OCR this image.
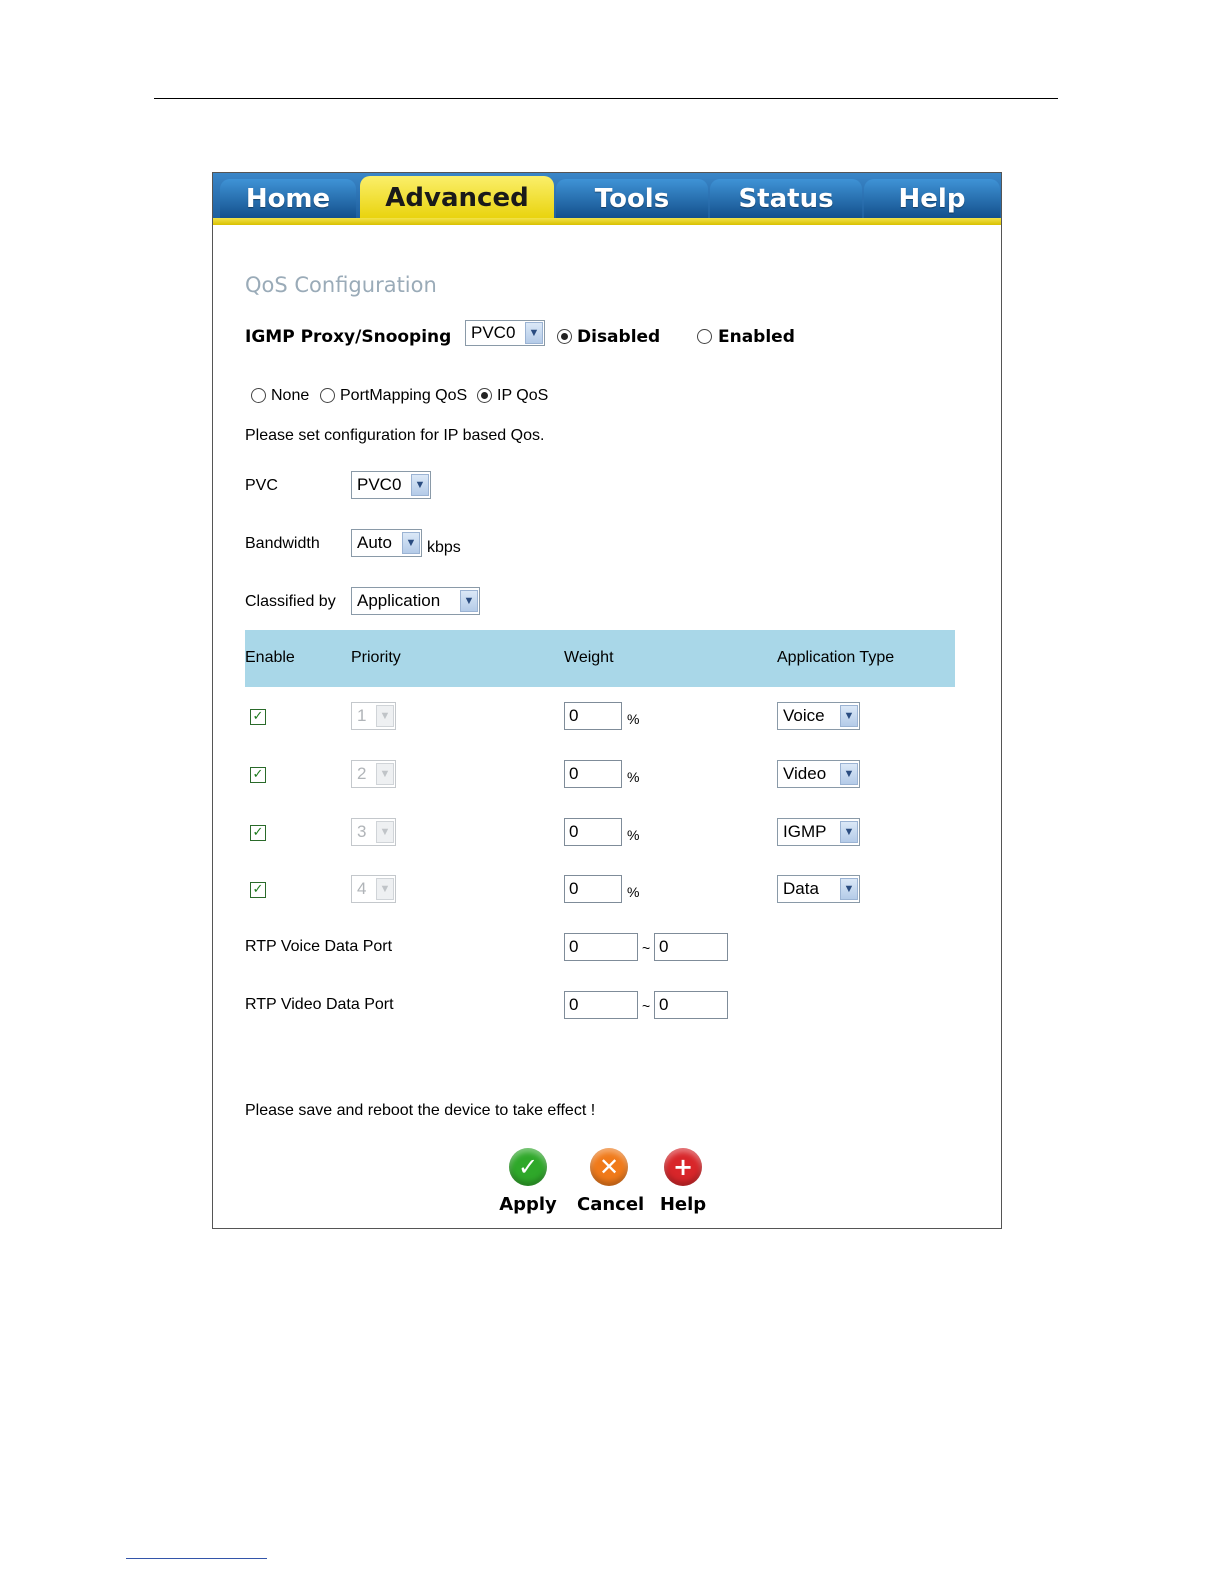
Home Advanced	Tools	Status Help
QoS Configuration
IGMP Proxy/Snooping PVC0	▼ Disabled	Enabled
None PortMapping QoS IP QoS
Please set configuration for IP based Qos.
PVC	PVC0	▼
Bandwidth Auto	▼ kbps
Classified by Application	▼
Enable	Priority	Weight	Application Type
✓	1	▼	0	%	Voice	▼
✓	2	▼	0	%	Video	▼
✓	3	▼	0	%	IGMP	▼
✓	4	▼	0	%	Data	▼
RTP Voice Data Port	0	~ 0
RTP Video Data Port	0	~ 0
Please save and reboot the device to take effect !
✓
Apply
✕
Cancel
+
Help
